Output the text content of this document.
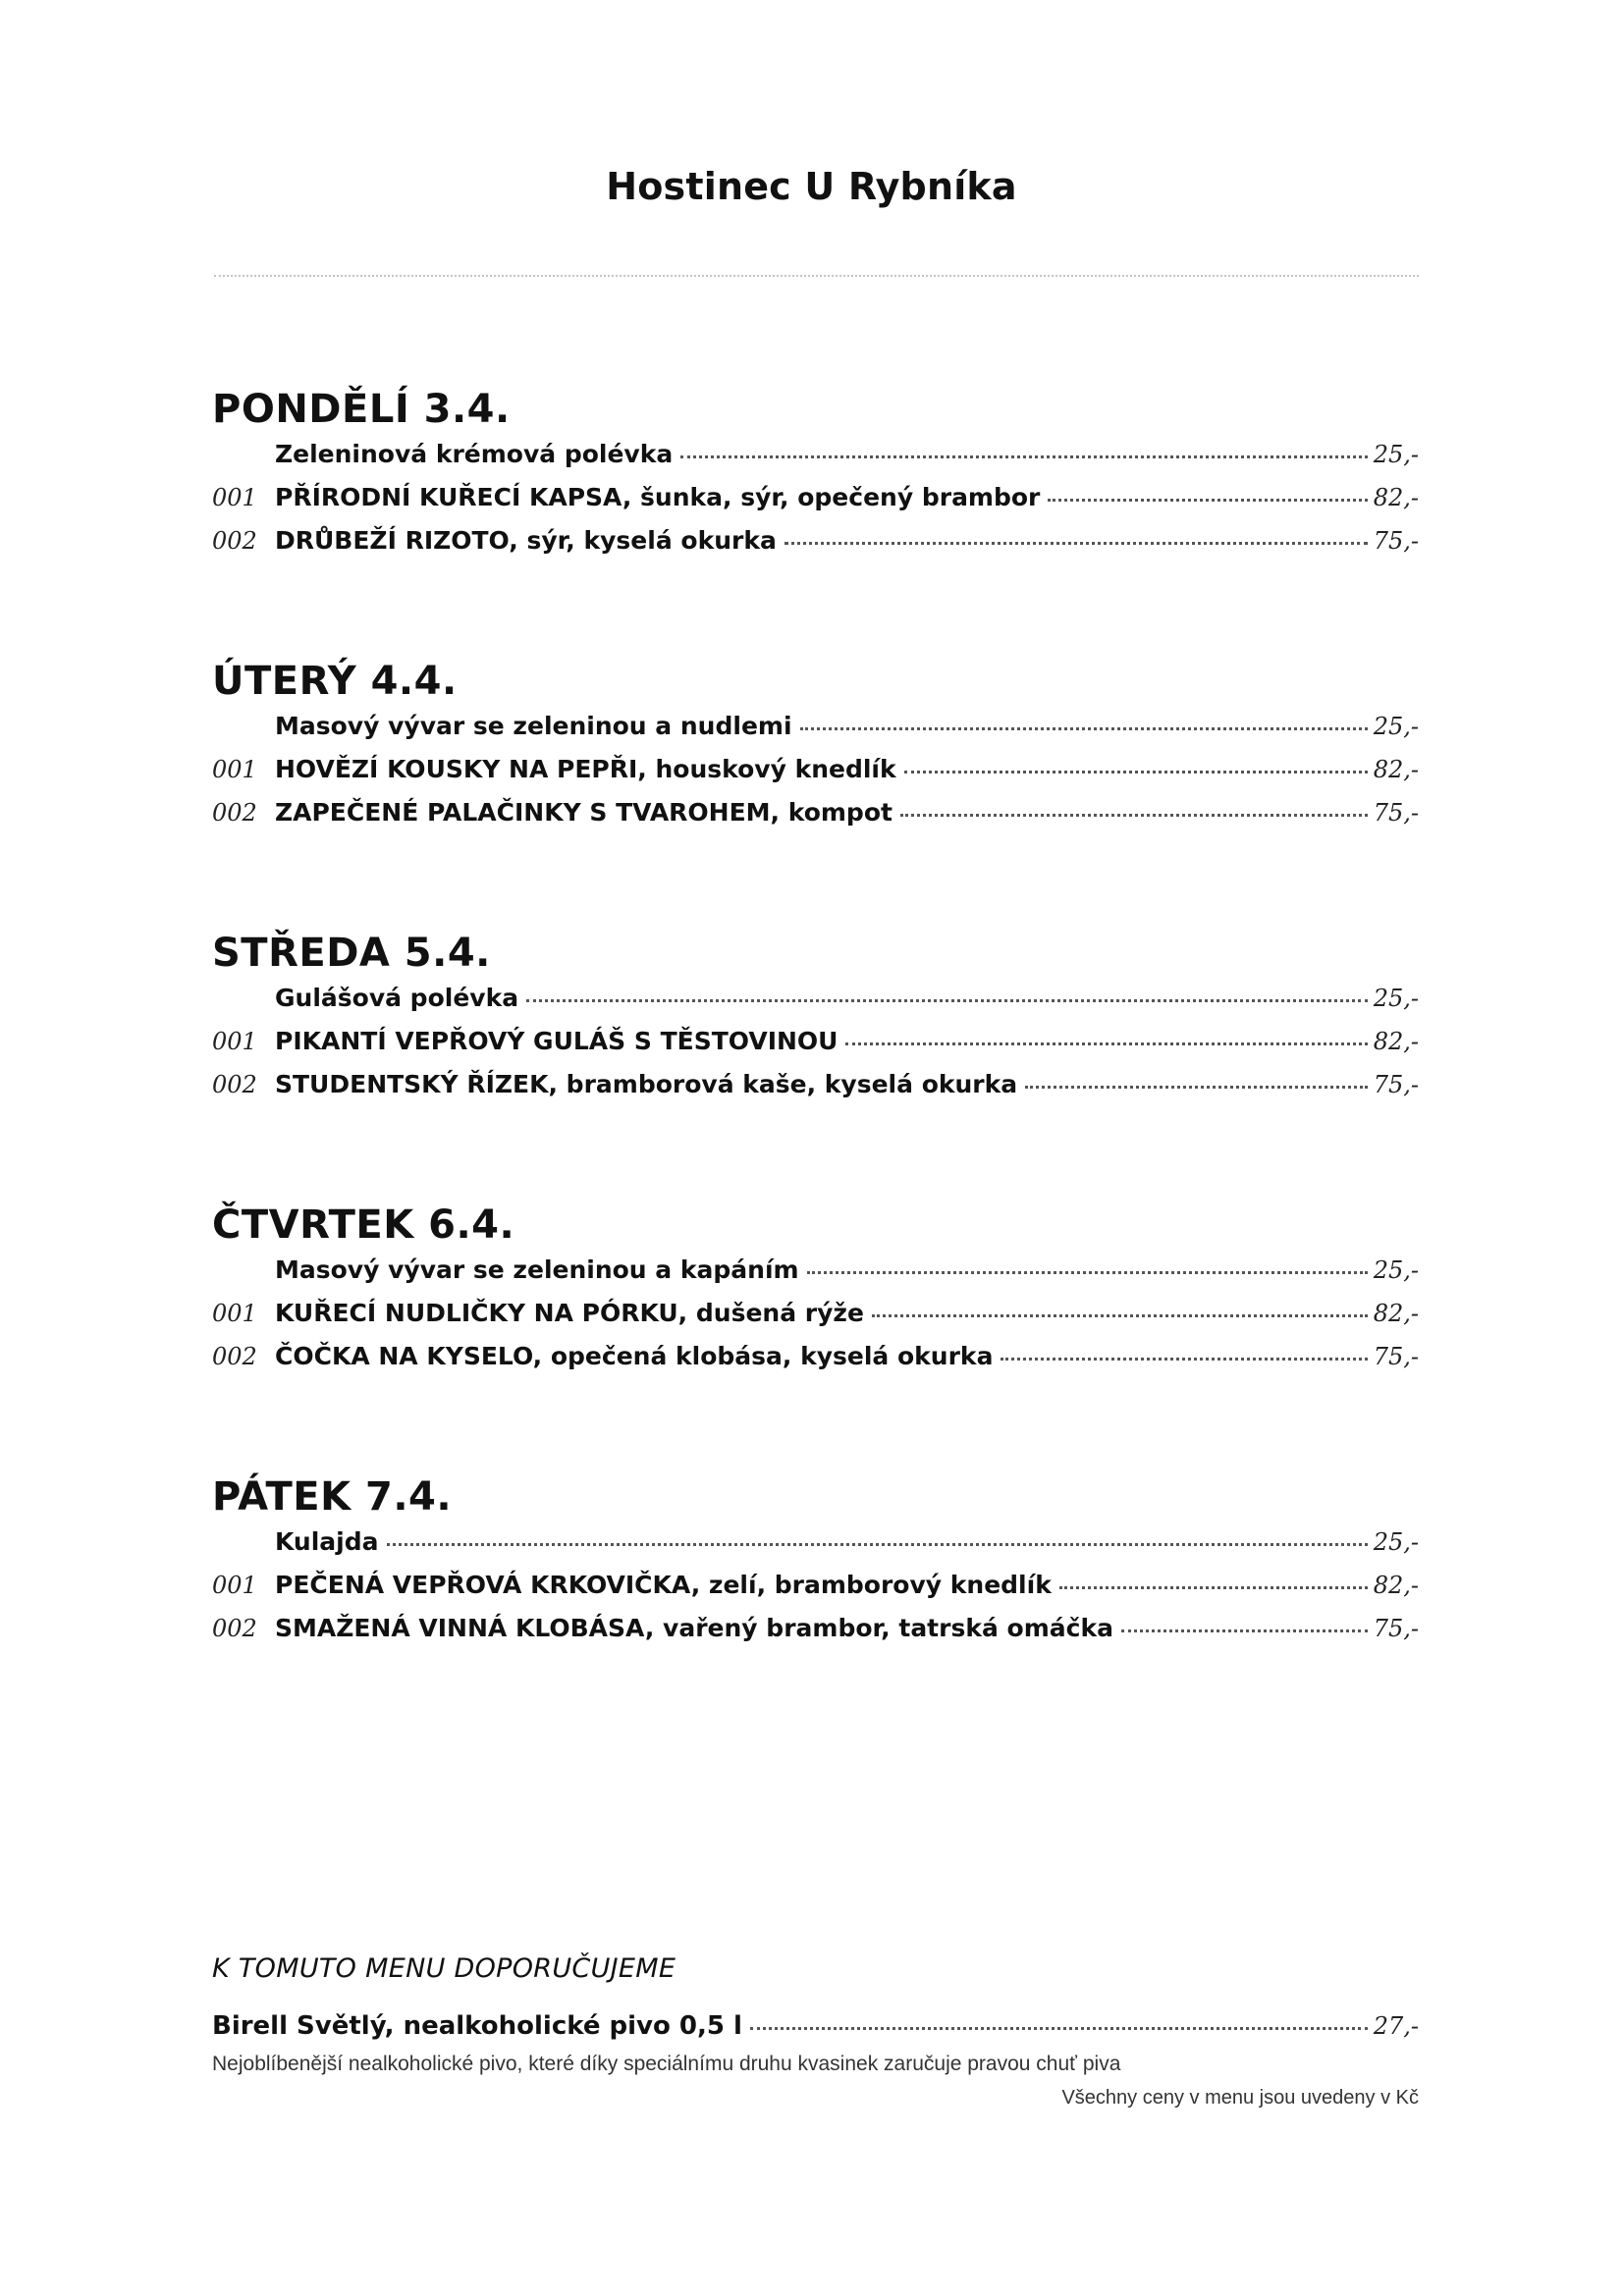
Hostinec U Rybníka
PONDĚLÍ 3.4.
Zeleninová krémová polévka	25,-
001 PŘÍRODNÍ KUŘECÍ KAPSA, šunka, sýr, opečený brambor	82,-
002 DRŮBEŽÍ RIZOTO, sýr, kyselá okurka	75,-
ÚTERÝ 4.4.
Masový vývar se zeleninou a nudlemi	25,-
001 HOVĚZÍ KOUSKY NA PEPŘI, houskový knedlík	82,-
002 ZAPEČENÉ PALAČINKY S TVAROHEM, kompot	75,-
STŘEDA 5.4.
Gulášová polévka	25,-
001 PIKANTÍ VEPŘOVÝ GULÁŠ S TĚSTOVINOU	82,-
002 STUDENTSKÝ ŘÍZEK, bramborová kaše, kyselá okurka	75,-
ČTVRTEK 6.4.
Masový vývar se zeleninou a kapáním	25,-
001 KUŘECÍ NUDLIČKY NA PÓRKU, dušená rýže	82,-
002 ČOČKA NA KYSELO, opečená klobása, kyselá okurka	75,-
PÁTEK 7.4.
Kulajda	25,-
001 PEČENÁ VEPŘOVÁ KRKOVIČKA, zelí, bramborový knedlík	82,-
002 SMAŽENÁ VINNÁ KLOBÁSA, vařený brambor, tatrská omáčka	75,-
K TOMUTO MENU DOPORUČUJEME
Birell Světlý, nealkoholické pivo 0,5 l	27,-
Nejoblíbenější nealkoholické pivo, které díky speciálnímu druhu kvasinek zaručuje pravou chuť piva
Všechny ceny v menu jsou uvedeny v Kč
